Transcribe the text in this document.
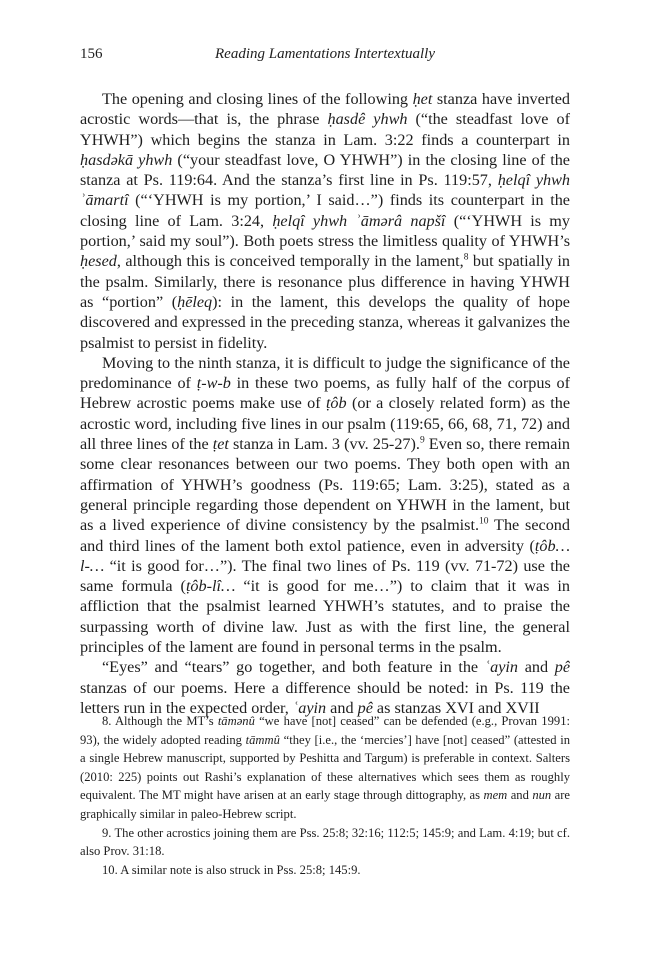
156	Reading Lamentations Intertextually

The opening and closing lines of the following ḥet stanza have inverted acrostic words—that is, the phrase ḥasdê yhwh (“the steadfast love of YHWH”) which begins the stanza in Lam. 3:22 finds a counterpart in ḥasdəkā yhwh (“your steadfast love, O YHWH”) in the closing line of the stanza at Ps. 119:64. And the stanza’s first line in Ps. 119:57, ḥelqî yhwh ʾāmartî (“‘YHWH is my portion,’ I said…”) finds its counterpart in the closing line of Lam. 3:24, ḥelqî yhwh ʾāmərâ napšî (“‘YHWH is my portion,’ said my soul”). Both poets stress the limitless quality of YHWH’s ḥesed, although this is conceived temporally in the lament,$^8$ but spatially in the psalm. Similarly, there is resonance plus difference in having YHWH as “portion” (ḥēleq): in the lament, this develops the quality of hope discovered and expressed in the preceding stanza, whereas it galvanizes the psalmist to persist in fidelity.

Moving to the ninth stanza, it is difficult to judge the significance of the predominance of ṭ-w-b in these two poems, as fully half of the corpus of Hebrew acrostic poems make use of ṭôb (or a closely related form) as the acrostic word, including five lines in our psalm (119:65, 66, 68, 71, 72) and all three lines of the ṭet stanza in Lam. 3 (vv. 25-27).$^9$ Even so, there remain some clear resonances between our two poems. They both open with an affirmation of YHWH’s goodness (Ps. 119:65; Lam. 3:25), stated as a general principle regarding those dependent on YHWH in the lament, but as a lived experience of divine consistency by the psalmist.$^{10}$ The second and third lines of the lament both extol patience, even in adversity (ṭôb… l-… “it is good for…”). The final two lines of Ps. 119 (vv. 71-72) use the same formula (ṭôb-lî… “it is good for me…”) to claim that it was in affliction that the psalmist learned YHWH’s statutes, and to praise the surpassing worth of divine law. Just as with the first line, the general principles of the lament are found in personal terms in the psalm.

“Eyes” and “tears” go together, and both feature in the ʿayin and pê stanzas of our poems. Here a difference should be noted: in Ps. 119 the letters run in the expected order, ʿayin and pê as stanzas XVI and XVII

8. Although the MT’s tāmənû “we have [not] ceased” can be defended (e.g., Provan 1991: 93), the widely adopted reading tāmmû “they [i.e., the ‘mercies’] have [not] ceased” (attested in a single Hebrew manuscript, supported by Peshitta and Targum) is preferable in context. Salters (2010: 225) points out Rashi’s explanation of these alternatives which sees them as roughly equivalent. The MT might have arisen at an early stage through dittography, as mem and nun are graphically similar in paleo-Hebrew script.

9. The other acrostics joining them are Pss. 25:8; 32:16; 112:5; 145:9; and Lam. 4:19; but cf. also Prov. 31:18.

10. A similar note is also struck in Pss. 25:8; 145:9.
